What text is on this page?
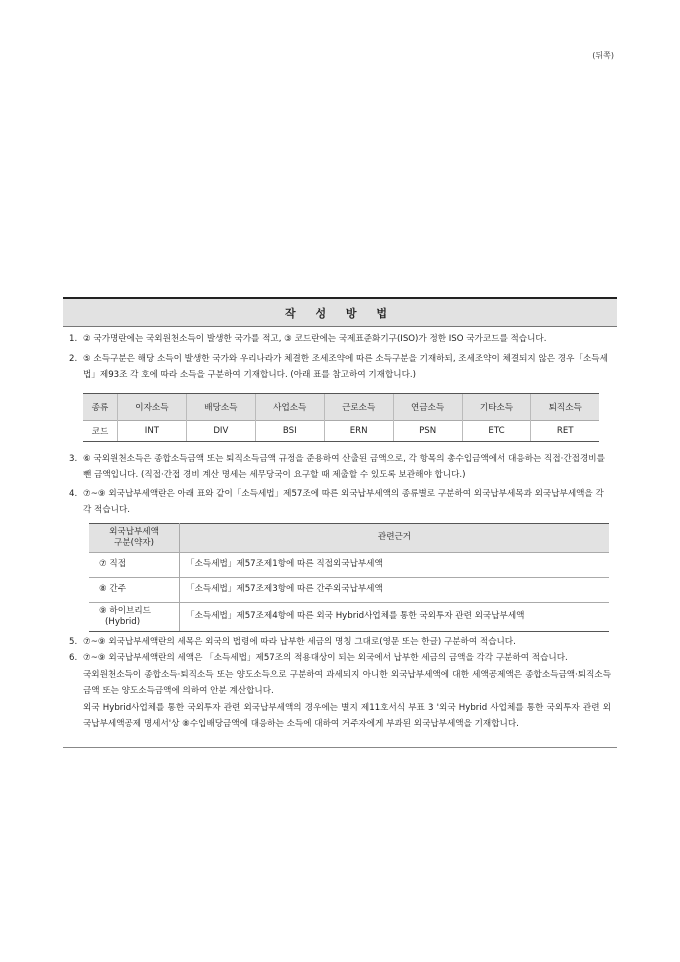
(뒤쪽)
작 성 방 법
1. ② 국가명란에는 국외원천소득이 발생한 국가를 적고, ③ 코드란에는 국제표준화기구(ISO)가 정한 ISO 국가코드를 적습니다.
2. ⑤ 소득구분은 해당 소득이 발생한 국가와 우리나라가 체결한 조세조약에 따른 소득구분을 기재하되, 조세조약이 체결되지 않은 경우「소득세법」제93조 각 호에 따라 소득을 구분하여 기재합니다. (아래 표를 참고하여 기재합니다.)
종류	이자소득	배당소득	사업소득	근로소득	연금소득	기타소득	퇴직소득
코드	INT	DIV	BSI	ERN	PSN	ETC	RET
3. ⑥ 국외원천소득은 종합소득금액 또는 퇴직소득금액 규정을 준용하여 산출된 금액으로, 각 항목의 총수입금액에서 대응하는 직접·간접경비를 뺀 금액입니다. (직접·간접 경비 계산 명세는 세무당국이 요구할 때 제출할 수 있도록 보관해야 합니다.)
4. ⑦~⑨ 외국납부세액란은 아래 표와 같이「소득세법」제57조에 따른 외국납부세액의 종류별로 구분하여 외국납부세목과 외국납부세액을 각각 적습니다.
외국납부세액
구분(약자)	관련근거
⑦ 직접	「소득세법」제57조제1항에 따른 직접외국납부세액
⑧ 간주	「소득세법」제57조제3항에 따른 간주외국납부세액
⑨ 하이브리드
(Hybrid)	「소득세법」제57조제4항에 따른 외국 Hybrid사업체를 통한 국외투자 관련 외국납부세액
5. ⑦~⑨ 외국납부세액란의 세목은 외국의 법령에 따라 납부한 세금의 명칭 그대로(영문 또는 한글) 구분하여 적습니다.
6. ⑦~⑨ 외국납부세액란의 세액은 「소득세법」제57조의 적용대상이 되는 외국에서 납부한 세금의 금액을 각각 구분하여 적습니다.
국외원천소득이 종합소득·퇴직소득 또는 양도소득으로 구분하여 과세되지 아니한 외국납부세액에 대한 세액공제액은 종합소득금액·퇴직소득금액 또는 양도소득금액에 의하여 안분 계산합니다.
외국 Hybrid사업체를 통한 국외투자 관련 외국납부세액의 경우에는 별지 제11호서식 부표 3 '외국 Hybrid 사업체를 통한 국외투자 관련 외국납부세액공제 명세서'상 ⑧수입배당금액에 대응하는 소득에 대하여 거주자에게 부과된 외국납부세액을 기재합니다.
